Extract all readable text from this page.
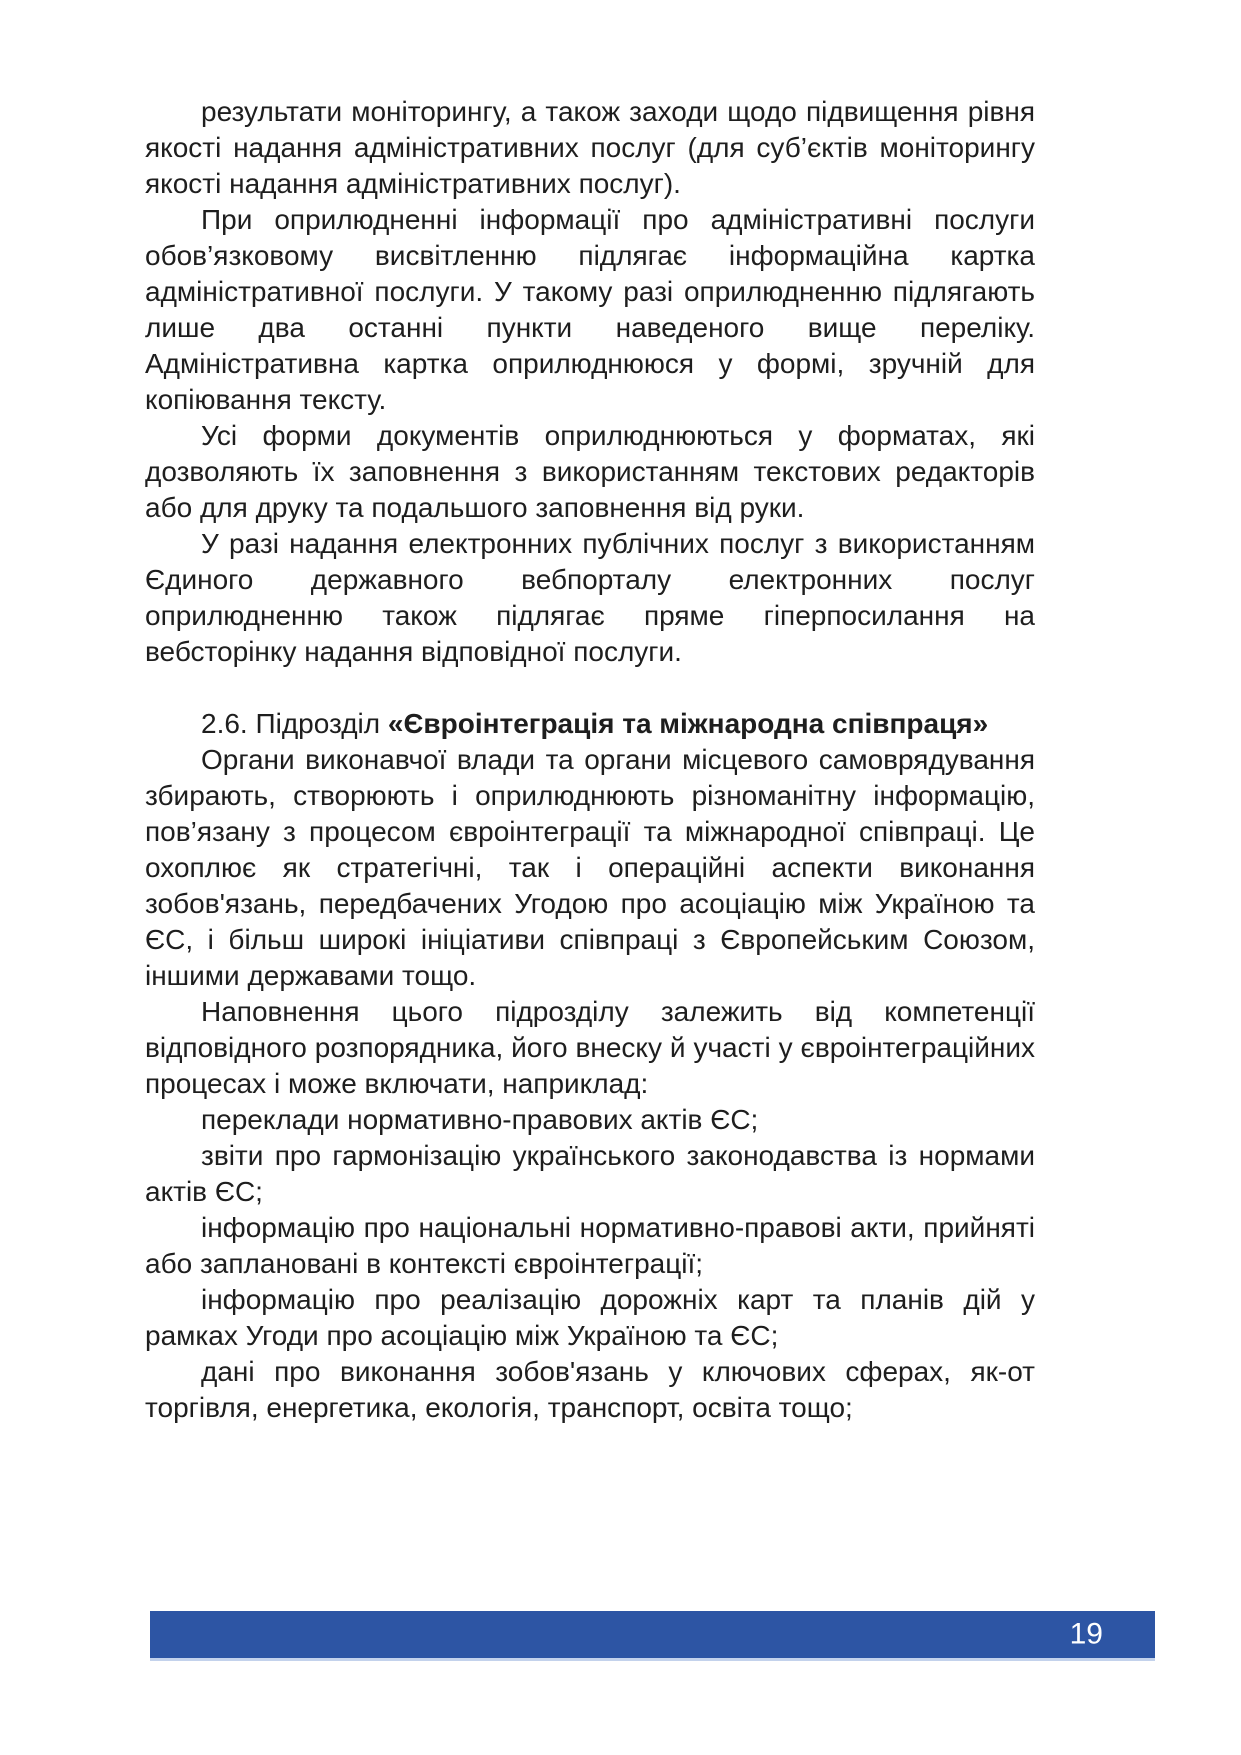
результати моніторингу, а також заходи щодо підвищення рівня якості надання адміністративних послуг (для суб’єктів моніторингу якості надання адміністративних послуг).

При оприлюдненні інформації про адміністративні послуги обов’язковому висвітленню підлягає інформаційна картка адміністративної послуги. У такому разі оприлюдненню підлягають лише два останні пункти наведеного вище переліку. Адміністративна картка оприлюднююся у формі, зручній для копіювання тексту.

Усі форми документів оприлюднюються у форматах, які дозволяють їх заповнення з використанням текстових редакторів або для друку та подальшого заповнення від руки.

У разі надання електронних публічних послуг з використанням Єдиного державного вебпорталу електронних послуг оприлюдненню також підлягає пряме гіперпосилання на вебсторінку надання відповідної послуги.

2.6. Підрозділ «Євроінтеграція та міжнародна співпраця»

Органи виконавчої влади та органи місцевого самоврядування збирають, створюють і оприлюднюють різноманітну інформацію, пов’язану з процесом євроінтеграції та міжнародної співпраці. Це охоплює як стратегічні, так і операційні аспекти виконання зобов'язань, передбачених Угодою про асоціацію між Україною та ЄС, і більш широкі ініціативи співпраці з Європейським Союзом, іншими державами тощо.

Наповнення цього підрозділу залежить від компетенції відповідного розпорядника, його внеску й участі у євроінтеграційних процесах і може включати, наприклад:

переклади нормативно-правових актів ЄС;

звіти про гармонізацію українського законодавства із нормами актів ЄС;

інформацію про національні нормативно-правові акти, прийняті або заплановані в контексті євроінтеграції;

інформацію про реалізацію дорожніх карт та планів дій у рамках Угоди про асоціацію між Україною та ЄС;

дані про виконання зобов'язань у ключових сферах, як-от торгівля, енергетика, екологія, транспорт, освіта тощо;

19
